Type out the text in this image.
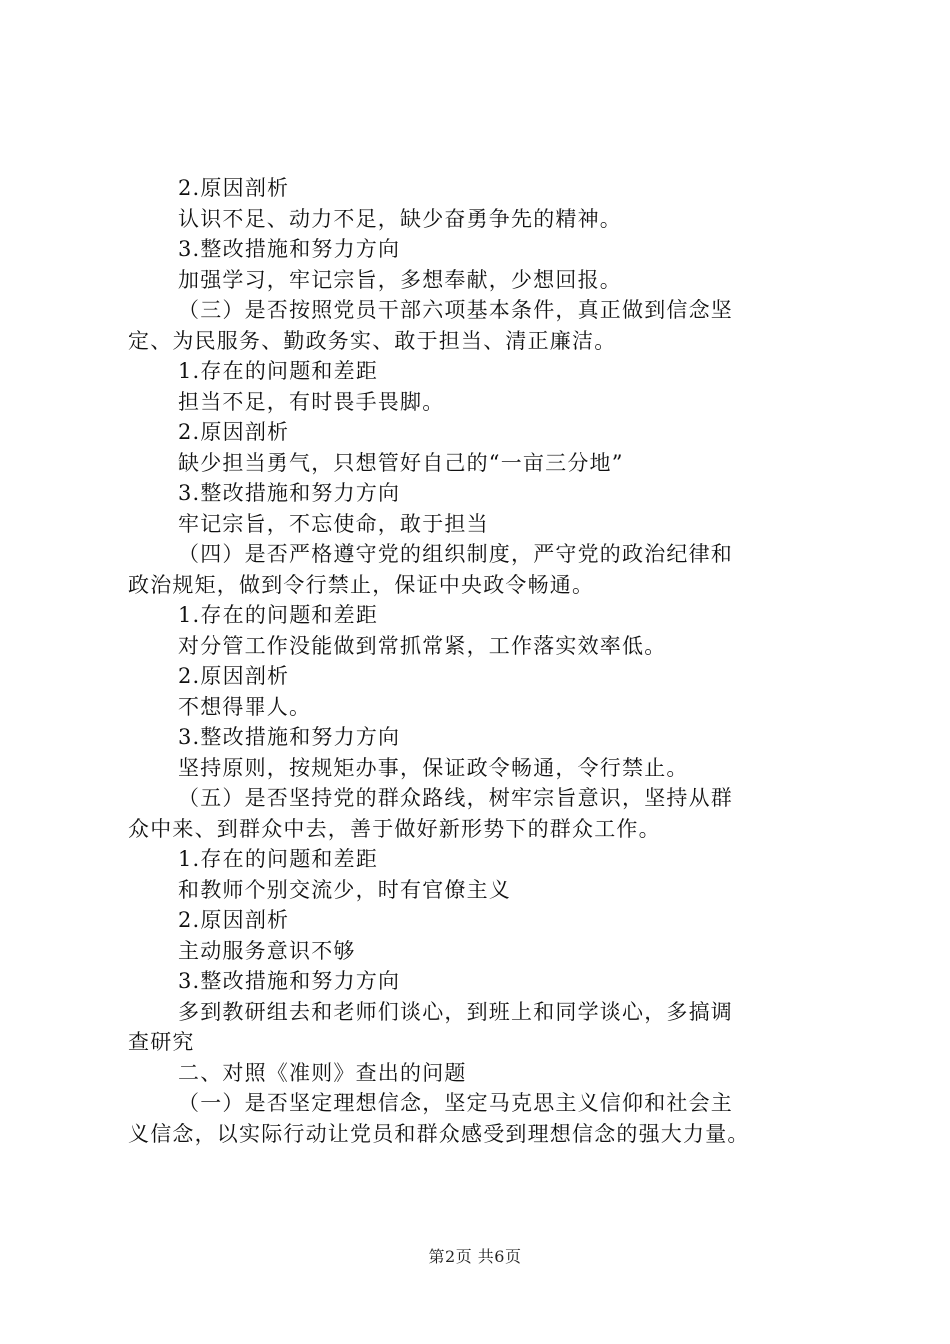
2.原因剖析
认识不足、动力不足，缺少奋勇争先的精神。
3.整改措施和努力方向
加强学习，牢记宗旨，多想奉献，少想回报。
（三）是否按照党员干部六项基本条件，真正做到信念坚
定、为民服务、勤政务实、敢于担当、清正廉洁。
1.存在的问题和差距
担当不足，有时畏手畏脚。
2.原因剖析
缺少担当勇气，只想管好自己的“一亩三分地”
3.整改措施和努力方向
牢记宗旨，不忘使命，敢于担当
（四）是否严格遵守党的组织制度，严守党的政治纪律和
政治规矩，做到令行禁止，保证中央政令畅通。
1.存在的问题和差距
对分管工作没能做到常抓常紧，工作落实效率低。
2.原因剖析
不想得罪人。
3.整改措施和努力方向
坚持原则，按规矩办事，保证政令畅通，令行禁止。
（五）是否坚持党的群众路线，树牢宗旨意识，坚持从群
众中来、到群众中去，善于做好新形势下的群众工作。
1.存在的问题和差距
和教师个别交流少，时有官僚主义
2.原因剖析
主动服务意识不够
3.整改措施和努力方向
多到教研组去和老师们谈心，到班上和同学谈心，多搞调
查研究
二、对照《准则》查出的问题
（一）是否坚定理想信念，坚定马克思主义信仰和社会主
义信念，以实际行动让党员和群众感受到理想信念的强大力量。
第2页 共6页
